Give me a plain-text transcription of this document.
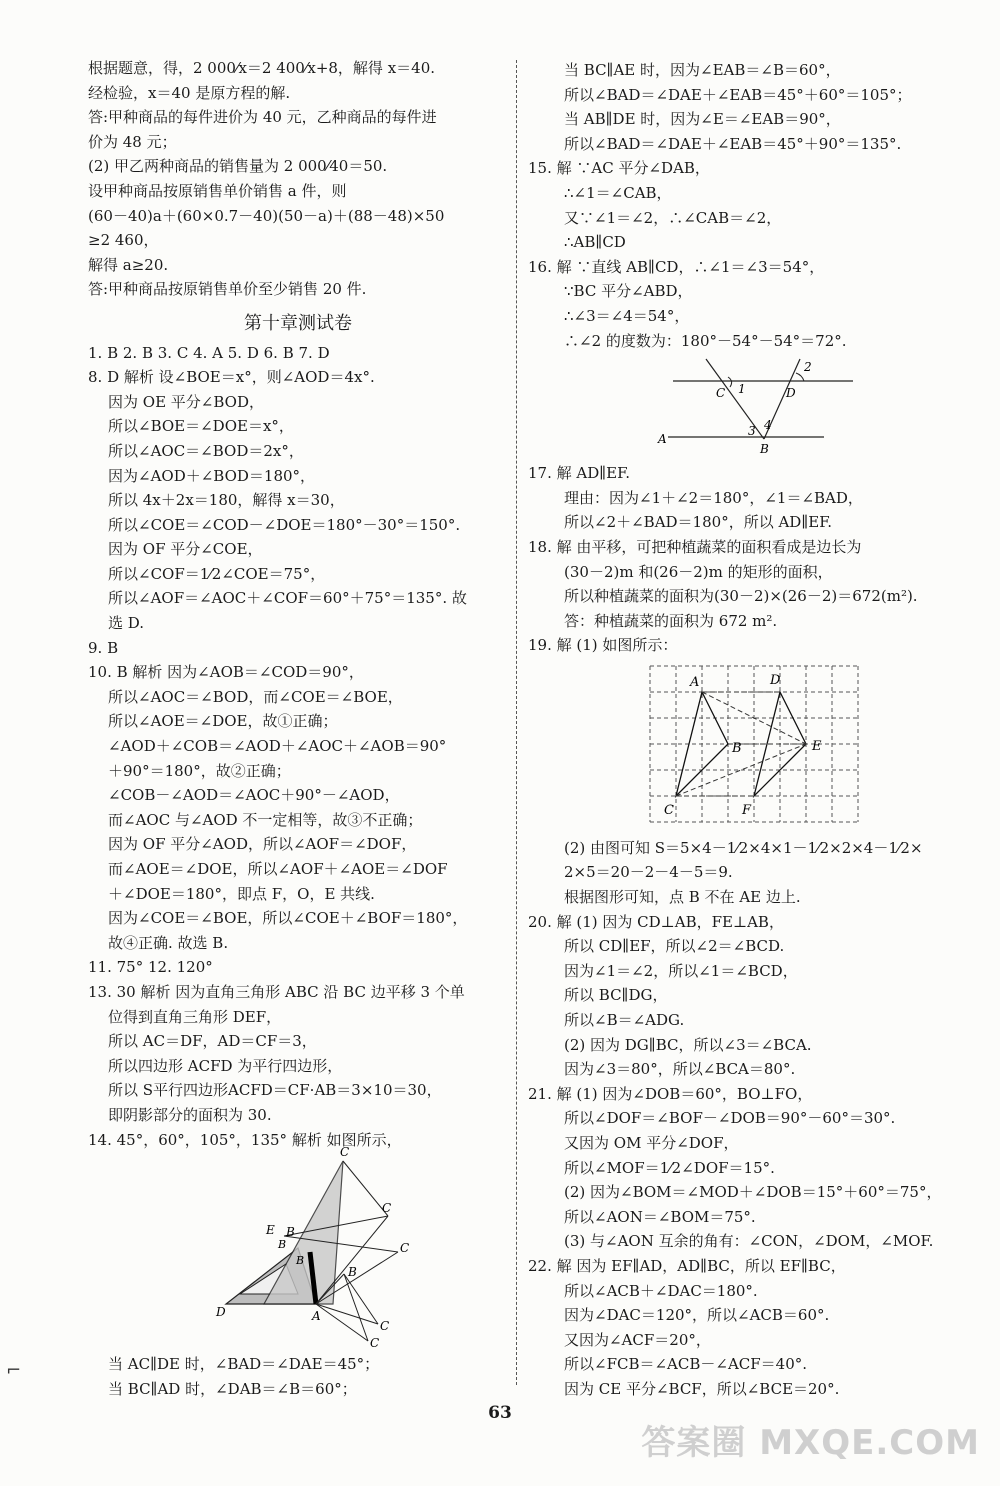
根据题意，得，2 000⁄x＝2 400⁄x+8，解得 x＝40.
经检验，x＝40 是原方程的解.
答:甲种商品的每件进价为 40 元，乙种商品的每件进
价为 48 元；
(2) 甲乙两种商品的销售量为 2 000⁄40＝50.
设甲种商品按原销售单价销售 a 件，则
(60－40)a＋(60×0.7－40)(50－a)＋(88－48)×50
≥2 460，
解得 a≥20.
答:甲种商品按原销售单价至少销售 20 件.
第十章测试卷
1. B 2. B 3. C 4. A 5. D 6. B 7. D
8. D 解析 设∠BOE＝x°，则∠AOD＝4x°.
因为 OE 平分∠BOD，
所以∠BOE＝∠DOE＝x°，
所以∠AOC＝∠BOD＝2x°，
因为∠AOD＋∠BOD＝180°，
所以 4x＋2x＝180，解得 x＝30，
所以∠COE＝∠COD－∠DOE＝180°－30°＝150°.
因为 OF 平分∠COE，
所以∠COF＝1⁄2∠COE＝75°，
所以∠AOF＝∠AOC＋∠COF＝60°＋75°＝135°. 故
选 D.
9. B
10. B 解析 因为∠AOB＝∠COD＝90°，
所以∠AOC＝∠BOD，而∠COE＝∠BOE，
所以∠AOE＝∠DOE，故①正确；
∠AOD＋∠COB＝∠AOD＋∠AOC＋∠AOB＝90°
＋90°＝180°，故②正确；
∠COB－∠AOD＝∠AOC＋90°－∠AOD，
而∠AOC 与∠AOD 不一定相等，故③不正确；
因为 OF 平分∠AOD，所以∠AOF＝∠DOF，
而∠AOE＝∠DOE，所以∠AOF＋∠AOE＝∠DOF
＋∠DOE＝180°，即点 F，O，E 共线.
因为∠COE＝∠BOE，所以∠COE＋∠BOF＝180°，
故④正确. 故选 B.
11. 75° 12. 120°
13. 30 解析 因为直角三角形 ABC 沿 BC 边平移 3 个单
位得到直角三角形 DEF，
所以 AC＝DF，AD＝CF＝3，
所以四边形 ACFD 为平行四边形，
所以 S平行四边形ACFD＝CF·AB＝3×10＝30，
即阴影部分的面积为 30.
14. 45°，60°，105°，135° 解析 如图所示，
C
E B
B
B
C
C
B
D	A
C
C
当 AC∥DE 时，∠BAD＝∠DAE＝45°；
当 BC∥AD 时，∠DAB＝∠B＝60°；
当 BC∥AE 时，因为∠EAB＝∠B＝60°，
所以∠BAD＝∠DAE＋∠EAB＝45°＋60°＝105°；
当 AB∥DE 时，因为∠E＝∠EAB＝90°，
所以∠BAD＝∠DAE＋∠EAB＝45°＋90°＝135°.
15. 解 ∵AC 平分∠DAB，
∴∠1＝∠CAB，
又∵∠1＝∠2，∴∠CAB＝∠2，
∴AB∥CD
16. 解 ∵直线 AB∥CD，∴∠1＝∠3＝54°，
∵BC 平分∠ABD，
∴∠3＝∠4＝54°，
∴∠2 的度数为：180°－54°－54°＝72°.
C 1
2
D
4
3
A
B
17. 解 AD∥EF.
理由：因为∠1＋∠2＝180°，∠1＝∠BAD，
所以∠2＋∠BAD＝180°，所以 AD∥EF.
18. 解 由平移，可把种植蔬菜的面积看成是边长为
(30－2)m 和(26－2)m 的矩形的面积，
所以种植蔬菜的面积为(30－2)×(26－2)＝672(m²).
答：种植蔬菜的面积为 672 m².
19. 解 (1) 如图所示：
A	D
B	E
C	F
(2) 由图可知 S＝5×4－1⁄2×4×1－1⁄2×2×4－1⁄2×
2×5＝20－2－4－5＝9.
根据图形可知，点 B 不在 AE 边上.
20. 解 (1) 因为 CD⊥AB，FE⊥AB，
所以 CD∥EF，所以∠2＝∠BCD.
因为∠1＝∠2，所以∠1＝∠BCD，
所以 BC∥DG，
所以∠B＝∠ADG.
(2) 因为 DG∥BC，所以∠3＝∠BCA.
因为∠3＝80°，所以∠BCA＝80°.
21. 解 (1) 因为∠DOB＝60°，BO⊥FO，
所以∠DOF＝∠BOF－∠DOB＝90°－60°＝30°.
又因为 OM 平分∠DOF，
所以∠MOF＝1⁄2∠DOF＝15°.
(2) 因为∠BOM＝∠MOD＋∠DOB＝15°＋60°＝75°，
所以∠AON＝∠BOM＝75°.
(3) 与∠AON 互余的角有：∠CON，∠DOM，∠MOF.
22. 解 因为 EF∥AD，AD∥BC，所以 EF∥BC，
所以∠ACB＋∠DAC＝180°.
因为∠DAC＝120°，所以∠ACB＝60°.
又因为∠ACF＝20°，
所以∠FCB＝∠ACB－∠ACF＝40°.
因为 CE 平分∠BCF，所以∠BCE＝20°.
⌐
63
答案圈 MXQE.COM
